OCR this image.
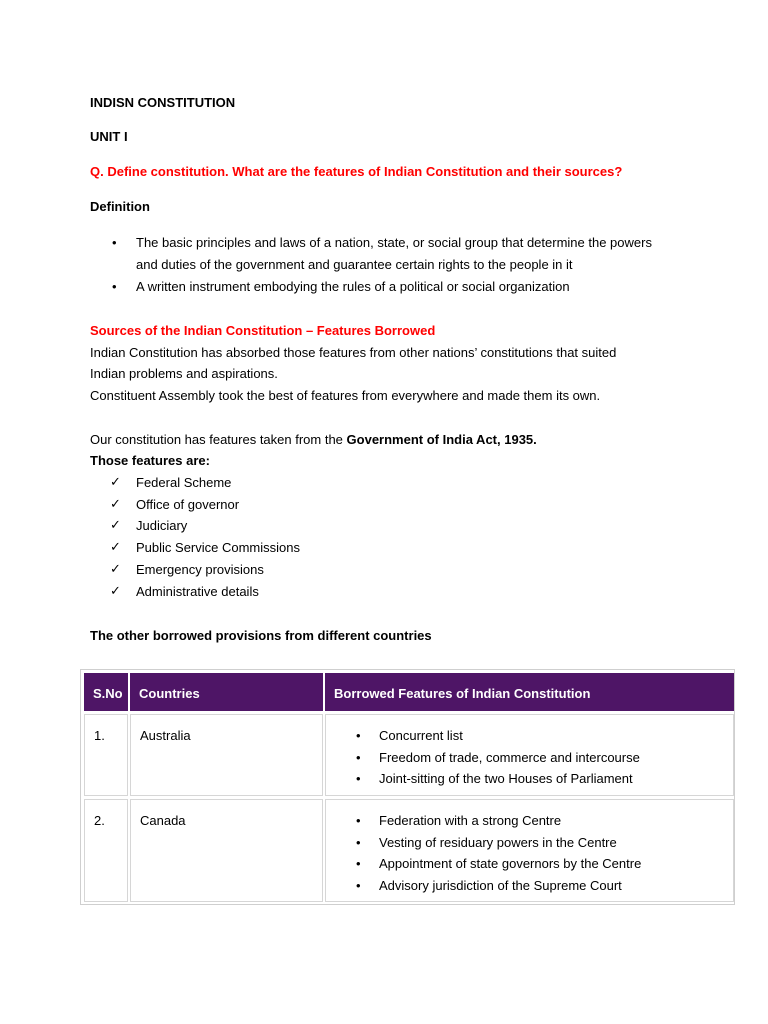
INDISN CONSTITUTION
UNIT I
Q. Define constitution. What are the features of Indian Constitution and their sources?
Definition
• The basic principles and laws of a nation, state, or social group that determine the powers and duties of the government and guarantee certain rights to the people in it
• A written instrument embodying the rules of a political or social organization
Sources of the Indian Constitution – Features Borrowed
Indian Constitution has absorbed those features from other nations’ constitutions that suited
Indian problems and aspirations.
Constituent Assembly took the best of features from everywhere and made them its own.
Our constitution has features taken from the Government of India Act, 1935.
Those features are:
✓ Federal Scheme
✓ Office of governor
✓ Judiciary
✓ Public Service Commissions
✓ Emergency provisions
✓ Administrative details
The other borrowed provisions from different countries
S.No Countries	Borrowed Features of Indian Constitution
1.	Australia	• Concurrent list
• Freedom of trade, commerce and intercourse
• Joint-sitting of the two Houses of Parliament
2.	Canada	• Federation with a strong Centre
• Vesting of residuary powers in the Centre
• Appointment of state governors by the Centre
• Advisory jurisdiction of the Supreme Court
